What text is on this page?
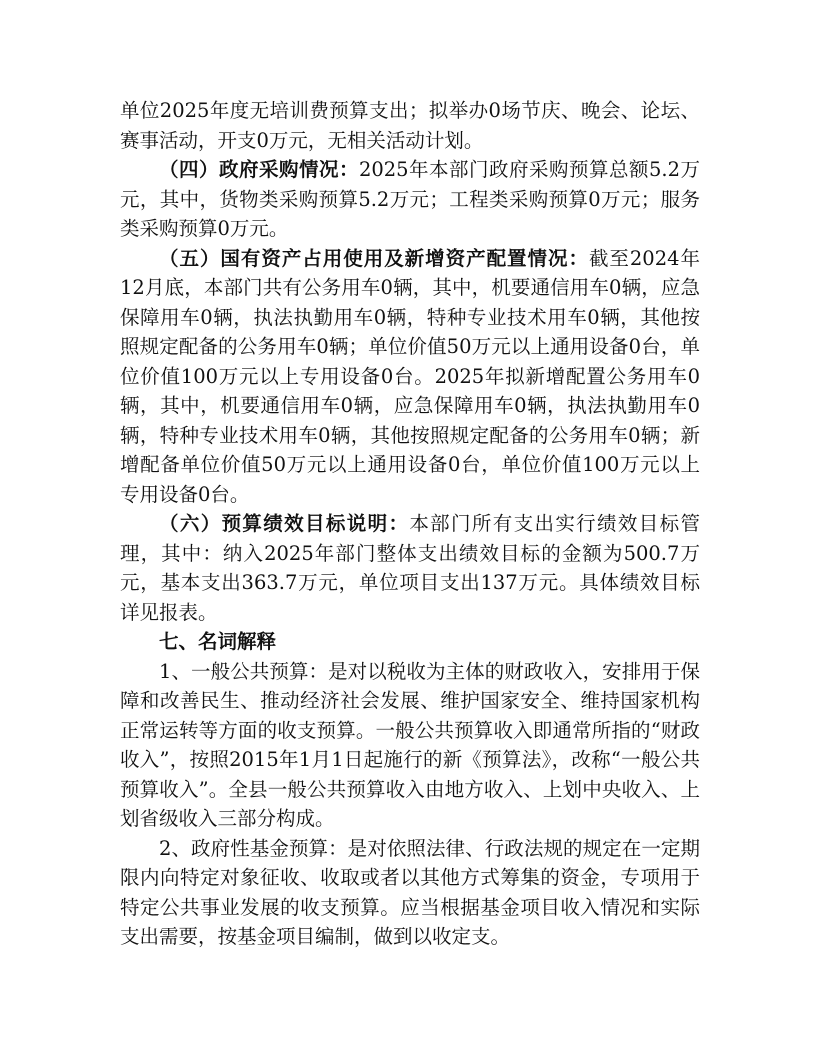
单位2025年度无培训费预算支出；拟举办0场节庆、晚会、论坛、赛事活动，开支0万元，无相关活动计划。

（四）政府采购情况：2025年本部门政府采购预算总额5.2万元，其中，货物类采购预算5.2万元；工程类采购预算0万元；服务类采购预算0万元。

（五）国有资产占用使用及新增资产配置情况：截至2024年12月底，本部门共有公务用车0辆，其中，机要通信用车0辆，应急保障用车0辆，执法执勤用车0辆，特种专业技术用车0辆，其他按照规定配备的公务用车0辆；单位价值50万元以上通用设备0台，单位价值100万元以上专用设备0台。2025年拟新增配置公务用车0辆，其中，机要通信用车0辆，应急保障用车0辆，执法执勤用车0辆，特种专业技术用车0辆，其他按照规定配备的公务用车0辆；新增配备单位价值50万元以上通用设备0台，单位价值100万元以上专用设备0台。

（六）预算绩效目标说明：本部门所有支出实行绩效目标管理，其中：纳入2025年部门整体支出绩效目标的金额为500.7万元，基本支出363.7万元，单位项目支出137万元。具体绩效目标详见报表。

七、名词解释

1、一般公共预算：是对以税收为主体的财政收入，安排用于保障和改善民生、推动经济社会发展、维护国家安全、维持国家机构正常运转等方面的收支预算。一般公共预算收入即通常所指的“财政收入”，按照2015年1月1日起施行的新《预算法》，改称“一般公共预算收入”。全县一般公共预算收入由地方收入、上划中央收入、上划省级收入三部分构成。

2、政府性基金预算：是对依照法律、行政法规的规定在一定期限内向特定对象征收、收取或者以其他方式筹集的资金，专项用于特定公共事业发展的收支预算。应当根据基金项目收入情况和实际支出需要，按基金项目编制，做到以收定支。
